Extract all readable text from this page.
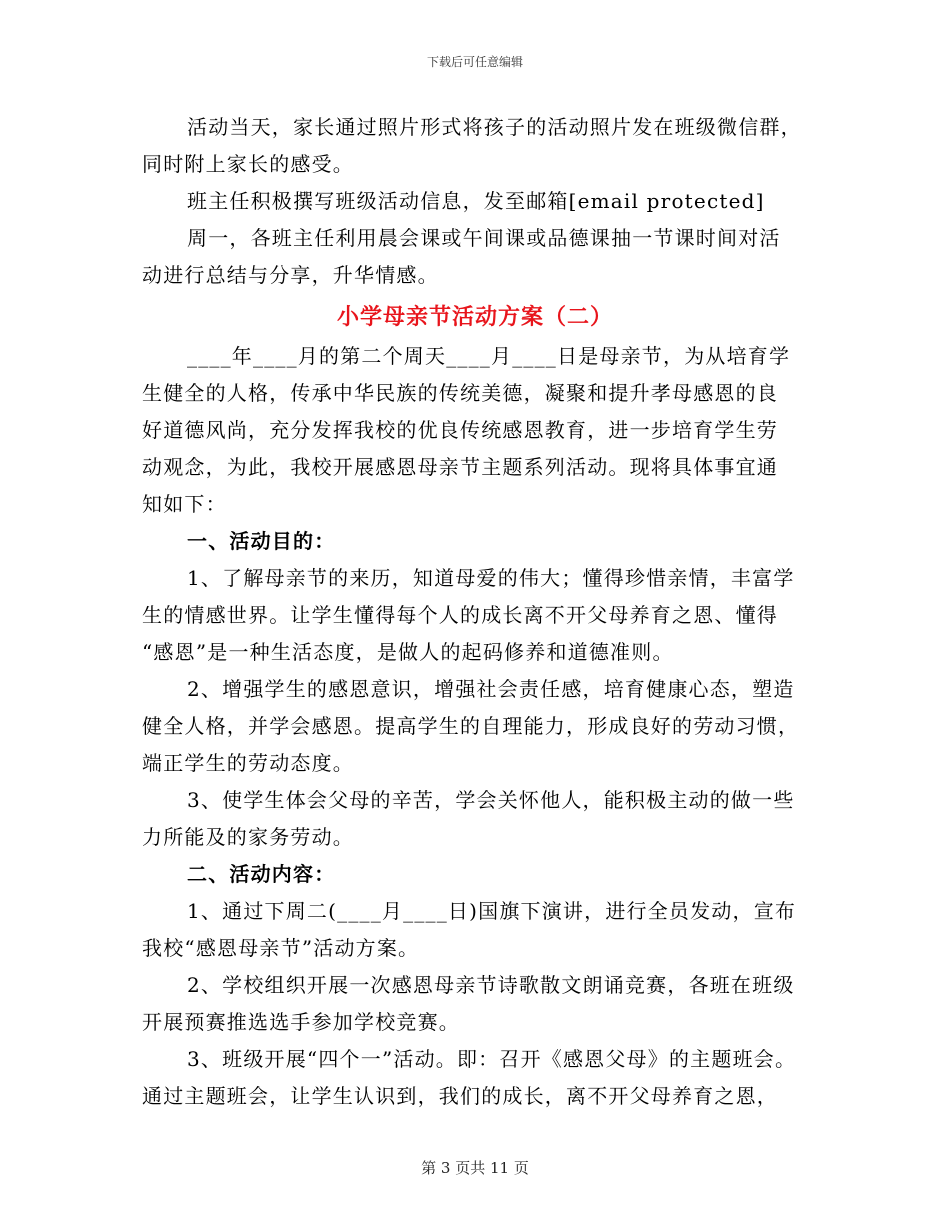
下载后可任意编辑
活动当天，家长通过照片形式将孩子的活动照片发在班级微信群，
同时附上家长的感受。
班主任积极撰写班级活动信息，发至邮箱[email protected]
周一，各班主任利用晨会课或午间课或品德课抽一节课时间对活
动进行总结与分享，升华情感。
小学母亲节活动方案（二）
____年____月的第二个周天____月____日是母亲节，为从培育学
生健全的人格，传承中华民族的传统美德，凝聚和提升孝母感恩的良
好道德风尚，充分发挥我校的优良传统感恩教育，进一步培育学生劳
动观念，为此，我校开展感恩母亲节主题系列活动。现将具体事宜通
知如下：
一、活动目的：
1、了解母亲节的来历，知道母爱的伟大；懂得珍惜亲情，丰富学
生的情感世界。让学生懂得每个人的成长离不开父母养育之恩、懂得
“感恩”是一种生活态度，是做人的起码修养和道德准则。
2、增强学生的感恩意识，增强社会责任感，培育健康心态，塑造
健全人格，并学会感恩。提高学生的自理能力，形成良好的劳动习惯，
端正学生的劳动态度。
3、使学生体会父母的辛苦，学会关怀他人，能积极主动的做一些
力所能及的家务劳动。
二、活动内容：
1、通过下周二(____月____日)国旗下演讲，进行全员发动，宣布
我校“感恩母亲节”活动方案。
2、学校组织开展一次感恩母亲节诗歌散文朗诵竞赛，各班在班级
开展预赛推选选手参加学校竞赛。
3、班级开展“四个一”活动。即：召开《感恩父母》的主题班会。
通过主题班会，让学生认识到，我们的成长，离不开父母养育之恩，
第 3 页共 11 页
